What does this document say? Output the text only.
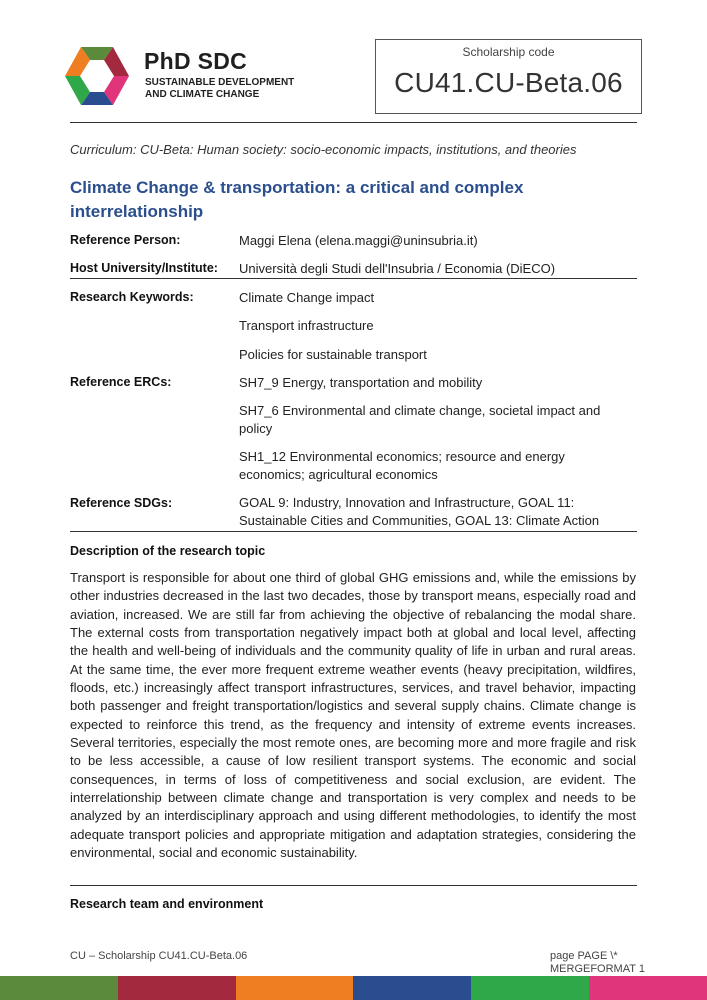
PhD SDC
SUSTAINABLE DEVELOPMENT
AND CLIMATE CHANGE
Scholarship code
CU41.CU-Beta.06
Curriculum: CU-Beta: Human society: socio-economic impacts, institutions, and theories
Climate Change & transportation: a critical and complex
interrelationship
Reference Person:	Maggi Elena (elena.maggi@uninsubria.it)
Host University/Institute: Università degli Studi dell'Insubria / Economia (DiECO)
Research Keywords:	Climate Change impact
Transport infrastructure
Policies for sustainable transport
Reference ERCs:	SH7_9 Energy, transportation and mobility
SH7_6 Environmental and climate change, societal impact and policy
SH1_12 Environmental economics; resource and energy economics; agricultural economics
Reference SDGs:	GOAL 9: Industry, Innovation and Infrastructure, GOAL 11: Sustainable Cities and Communities, GOAL 13: Climate Action
Description of the research topic

Transport is responsible for about one third of global GHG emissions and, while the emissions by other industries decreased in the last two decades, those by transport means, especially road and aviation, increased. We are still far from achieving the objective of rebalancing the modal share. The external costs from transportation negatively impact both at global and local level, affecting the health and well-being of individuals and the community quality of life in urban and rural areas. At the same time, the ever more frequent extreme weather events (heavy precipitation, wildfires, floods, etc.) increasingly affect transport infrastructures, services, and travel behavior, impacting both passenger and freight transportation/logistics and several supply chains. Climate change is expected to reinforce this trend, as the frequency and intensity of extreme events increases. Several territories, especially the most remote ones, are becoming more and more fragile and risk to be less accessible, a cause of low resilient transport systems. The economic and social consequences, in terms of loss of competitiveness and social exclusion, are evident. The interrelationship between climate change and transportation is very complex and needs to be analyzed by an interdisciplinary approach and using different methodologies, to identify the most adequate transport policies and appropriate mitigation and adaptation strategies, considering the environmental, social and economic sustainability.

Research team and environment
CU – Scholarship CU41.CU-Beta.06	page PAGE \*
MERGEFORMAT 1
